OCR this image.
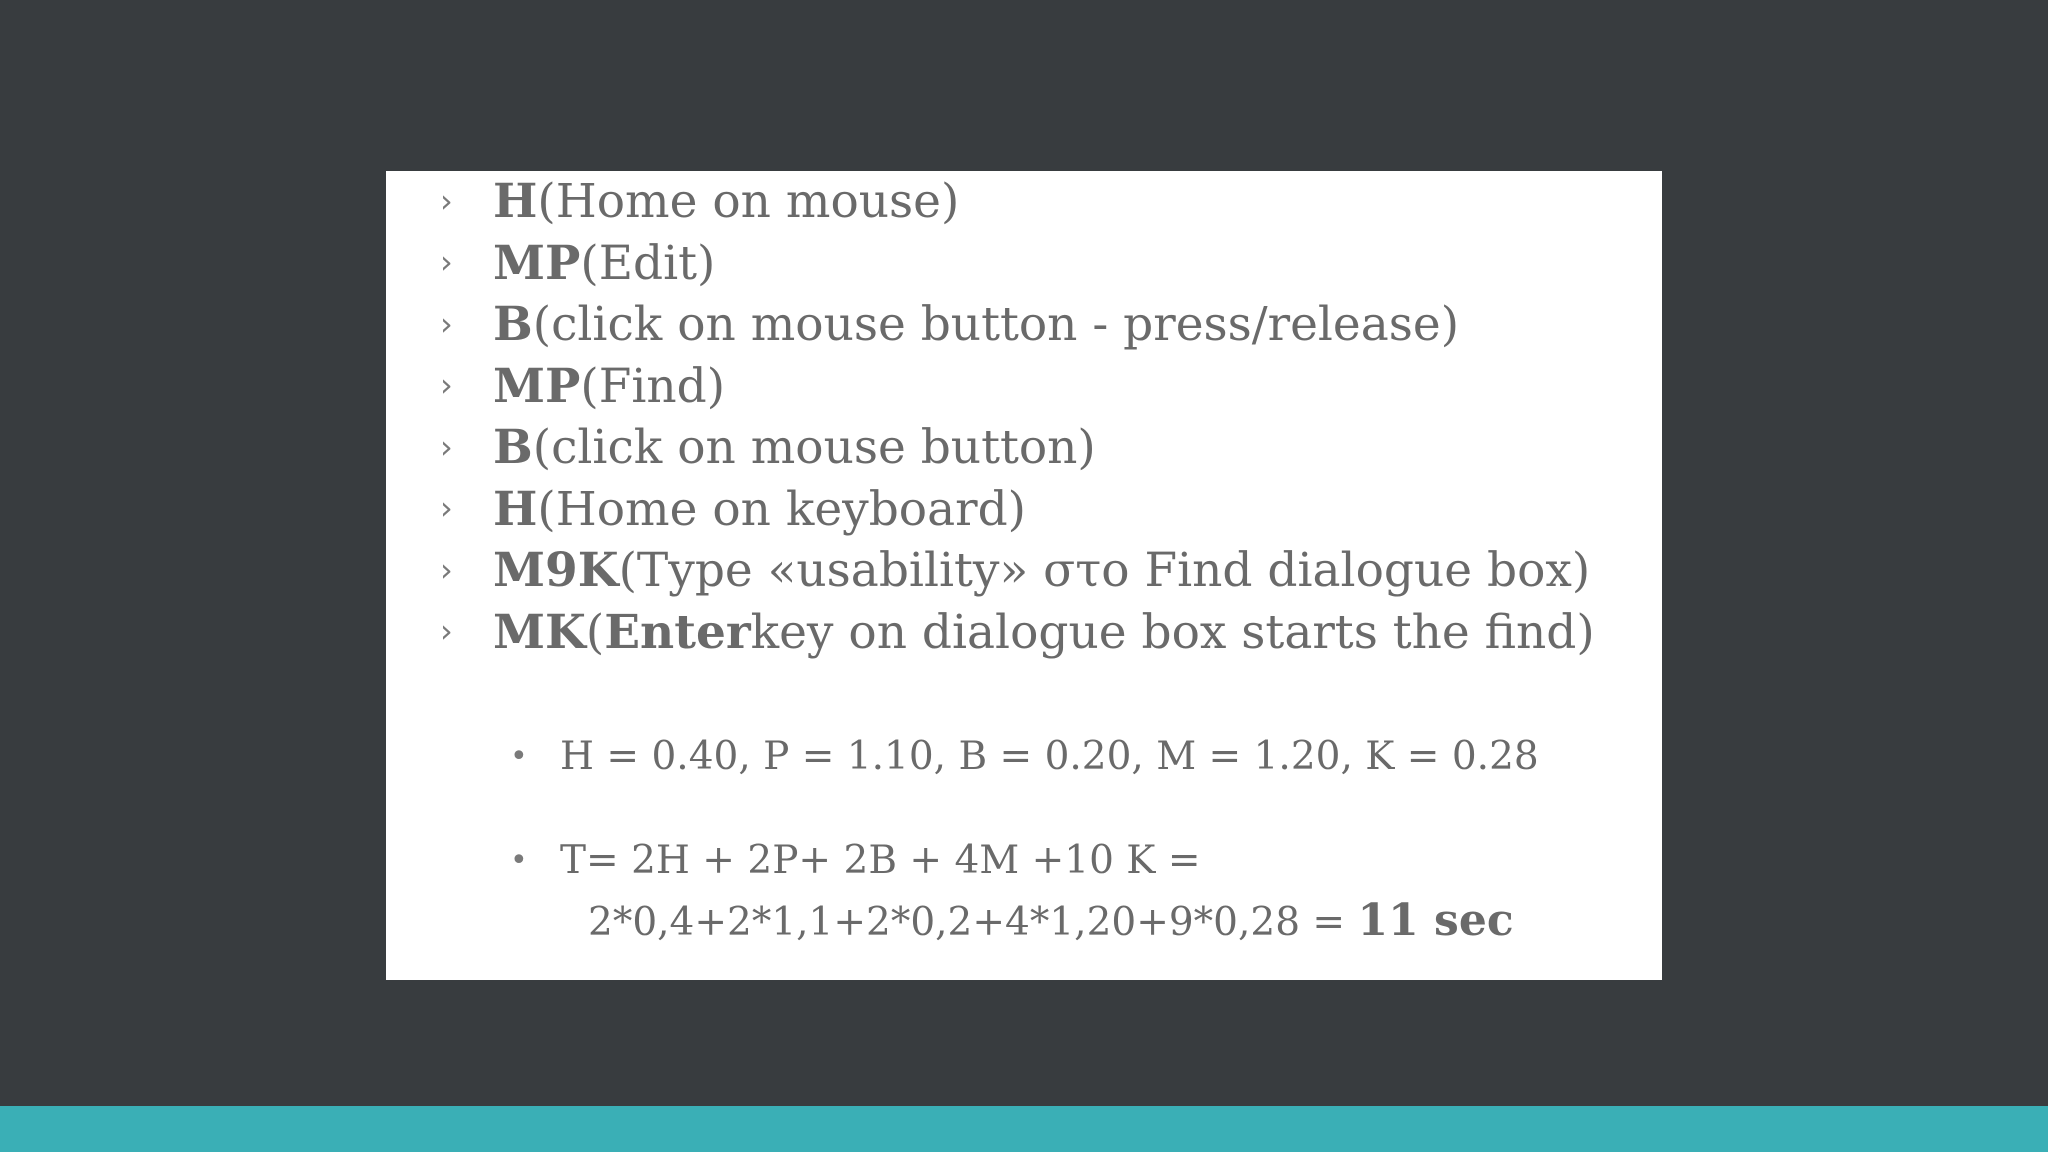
› H (Home on mouse)
› MP (Edit)
› B (click on mouse button - press/release)
› MP (Find)
› B (click on mouse button)
› H (Home on keyboard)
› M9K (Type «usability» στο Find dialogue box)
› MK ( Enter key on dialogue box starts the find)
• H = 0.40, P = 1.10, B = 0.20, M = 1.20, K = 0.28
• T= 2H + 2P+ 2B + 4M +10 K =
2*0,4+2*1,1+2*0,2+4*1,20+9*0,28 = 11 sec
